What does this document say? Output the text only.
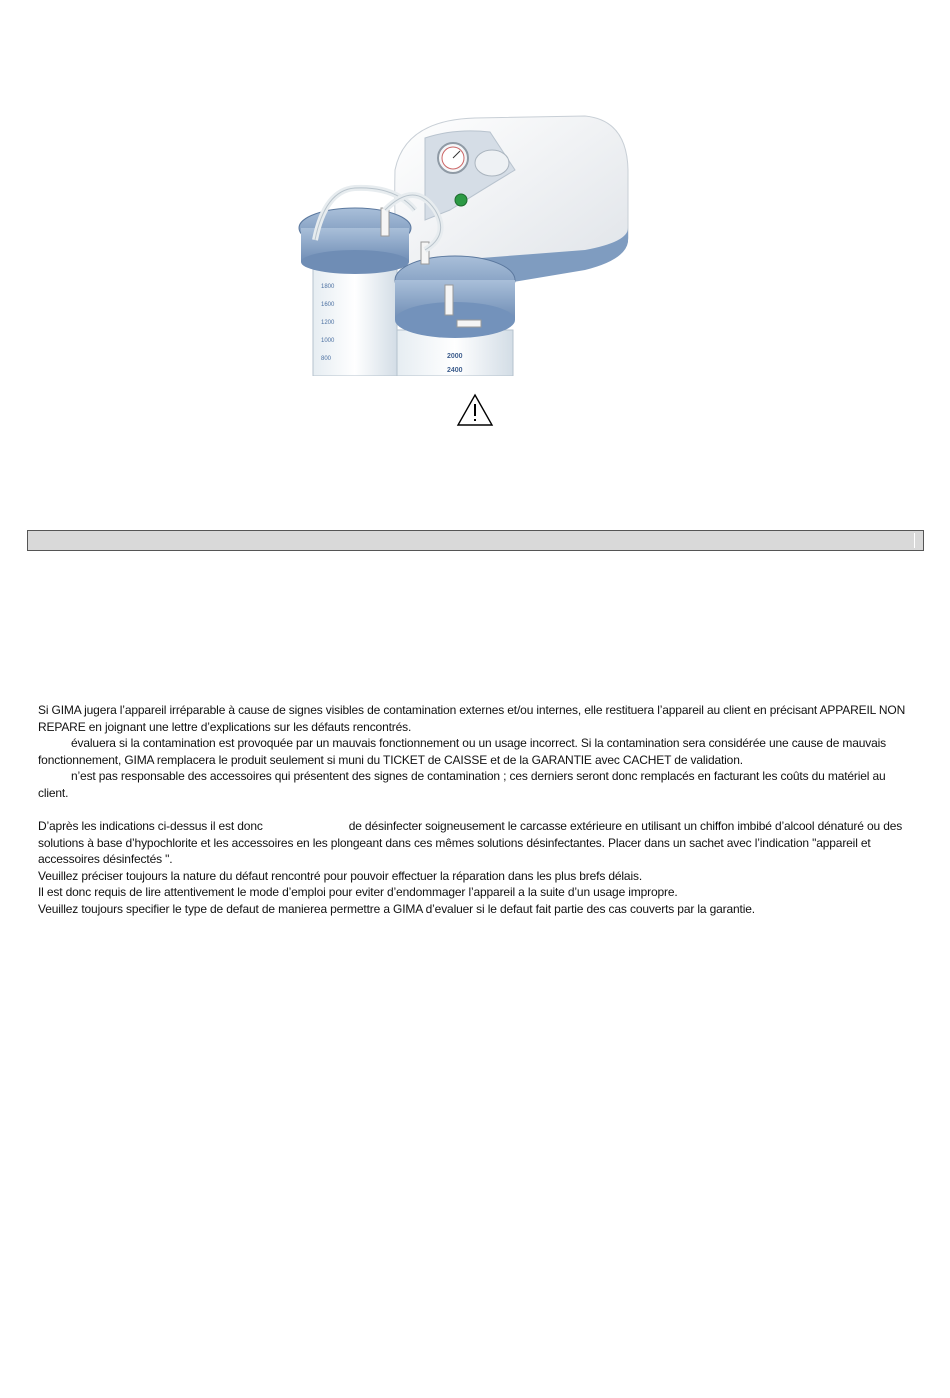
1800
1600
1200
1000
800	2000
2400

Si GIMA jugera l’appareil irréparable à cause de signes visibles de contamination externes et/ou internes, elle restituera l’appareil au client en précisant APPAREIL NON REPARE en joignant une lettre d’explications sur les défauts rencontrés.

évaluera si la contamination est provoquée par un mauvais fonctionnement ou un usage incorrect. Si la contamination sera considérée une cause de mauvais fonctionnement, GIMA remplacera le produit seulement si muni du TICKET de CAISSE et de la GARANTIE avec CACHET de validation.

n’est pas responsable des accessoires qui présentent des signes de contamination ; ces derniers seront donc remplacés en facturant les coûts du matériel au client.

D’après les indications ci-dessus il est donc	de désinfecter soigneusement le carcasse extérieure en utilisant un chiffon imbibé d’alcool dénaturé ou des solutions à base d’hypochlorite et les accessoires en les plongeant dans ces mêmes solutions désinfectantes. Placer dans un sachet avec l’indication "appareil et accessoires désinfectés ".

Veuillez préciser toujours la nature du défaut rencontré pour pouvoir effectuer la réparation dans les plus brefs délais.

Il est donc requis de lire attentivement le mode d’emploi pour eviter d’endommager l’appareil a la suite d’un usage impropre.

Veuillez toujours specifier le type de defaut de manierea permettre a GIMA d’evaluer si le defaut fait partie des cas couverts par la garantie.
